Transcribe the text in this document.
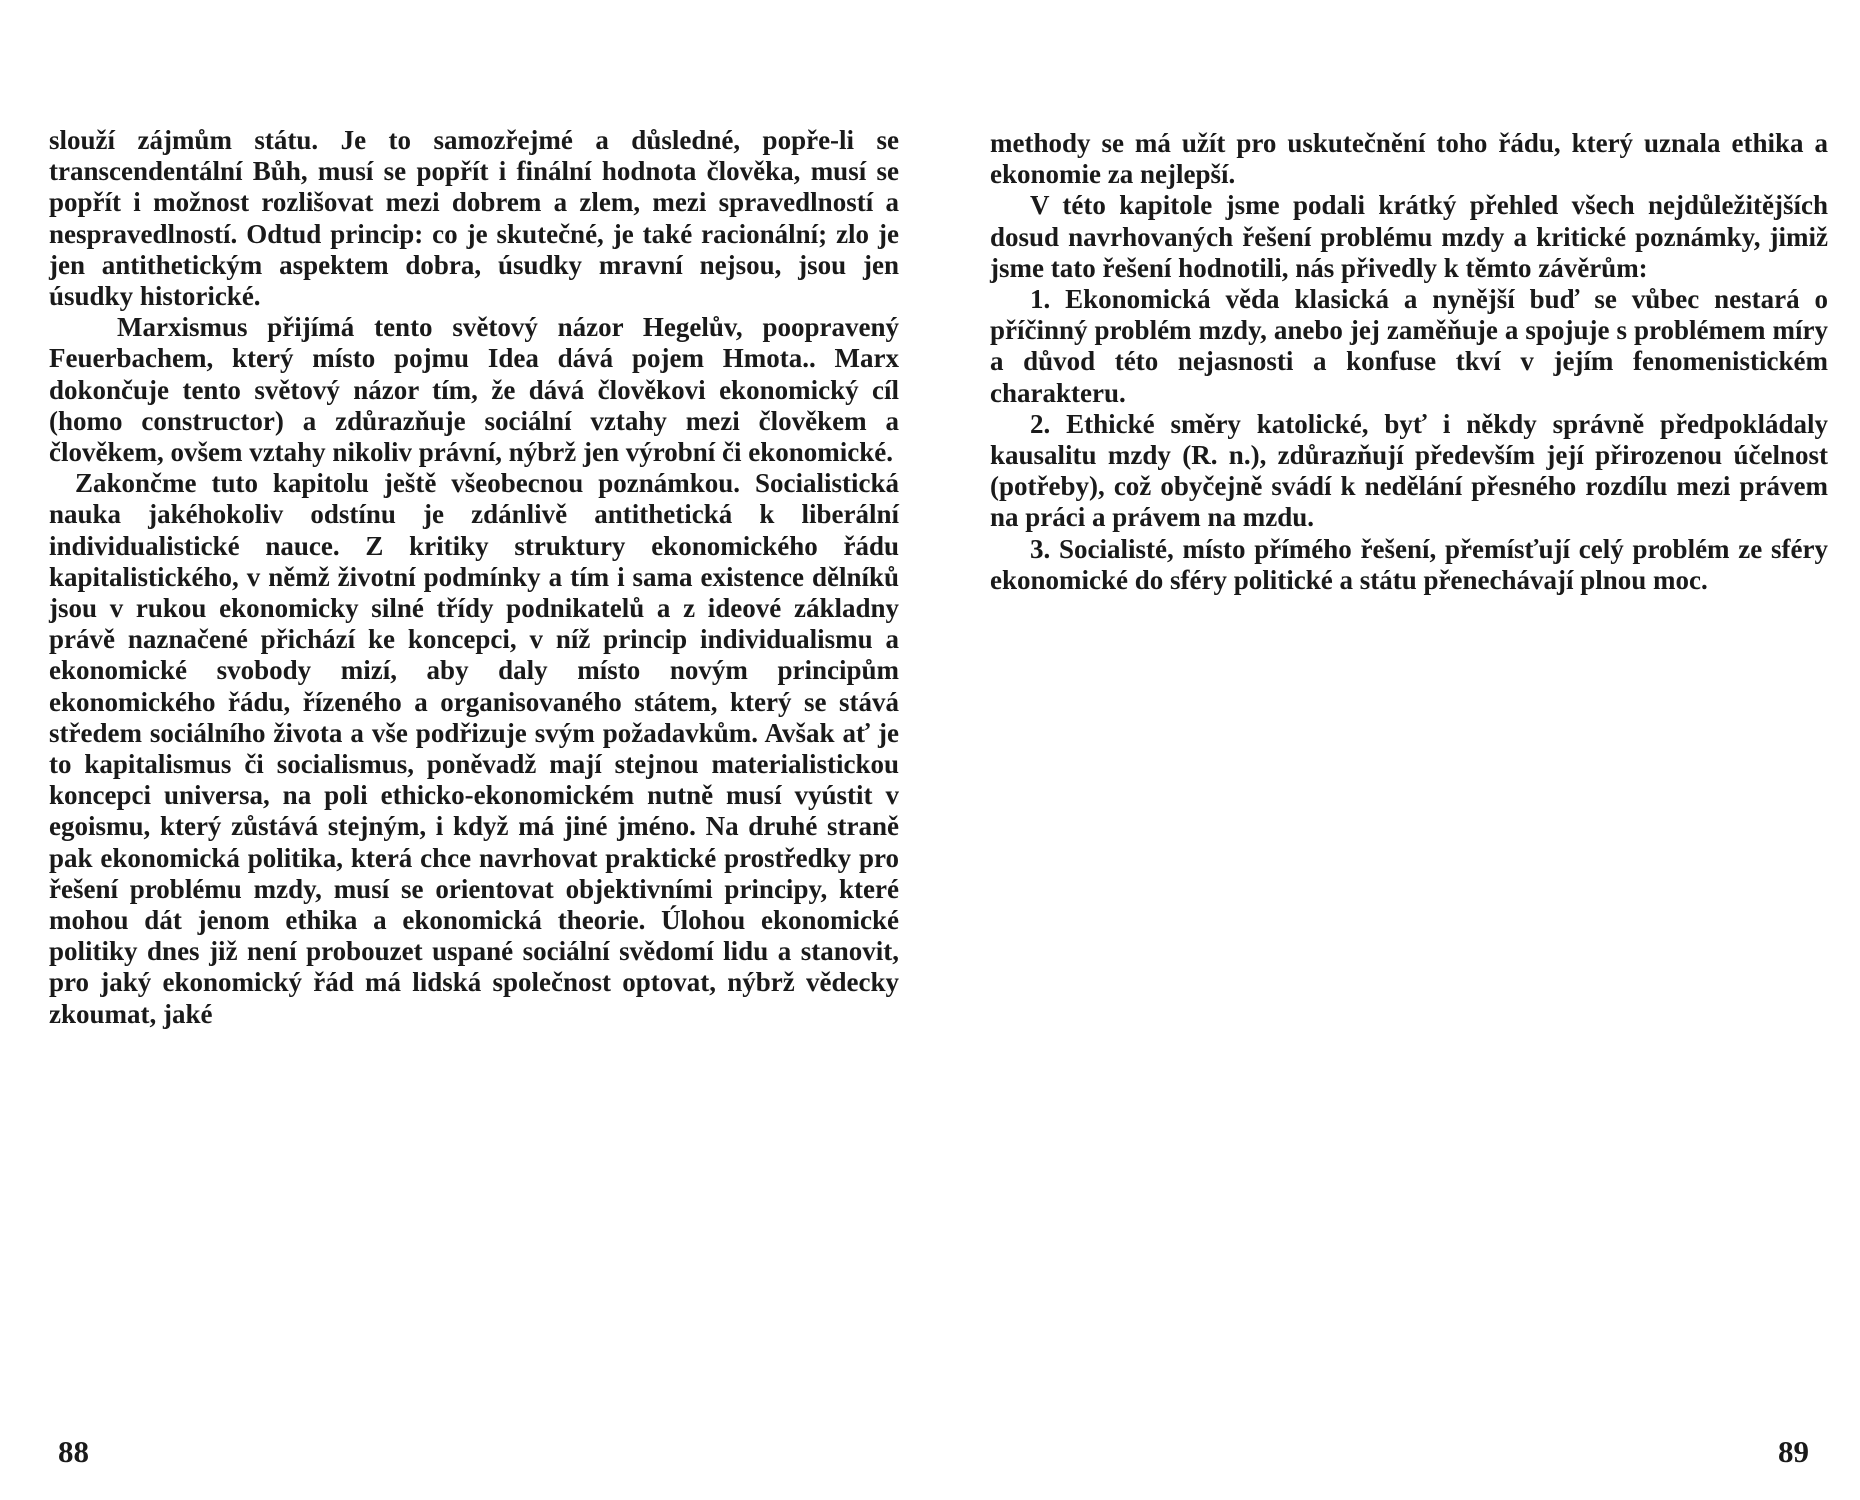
slouží zájmům státu. Je to samozřejmé a důsledné, popře-li se transcendentální Bůh, musí se popřít i finální hodnota člověka, musí se popřít i možnost rozlišovat mezi dobrem a zlem, mezi spravedlností a nespravedlností. Odtud princip: co je skutečné, je také racionální; zlo je jen antithetickým aspektem dobra, úsudky mravní nejsou, jsou jen úsudky historické.

Marxismus přijímá tento světový názor Hegelův, poopravený Feuerbachem, který místo pojmu Idea dává pojem Hmota.. Marx dokončuje tento světový názor tím, že dává člověkovi ekonomický cíl (homo constructor) a zdůrazňuje sociální vztahy mezi člověkem a člověkem, ovšem vztahy nikoliv právní, nýbrž jen výrobní či ekonomické.

Zakončme tuto kapitolu ještě všeobecnou poznámkou. Socialistická nauka jakéhokoliv odstínu je zdánlivě antithetická k liberální individualistické nauce. Z kritiky struktury ekonomického řádu kapitalistického, v němž životní podmínky a tím i sama existence dělníků jsou v rukou ekonomicky silné třídy podnikatelů a z ideové základny právě naznačené přichází ke koncepci, v níž princip individualismu a ekonomické svobody mizí, aby daly místo novým principům ekonomického řádu, řízeného a organisovaného státem, který se stává středem sociálního života a vše podřizuje svým požadavkům. Avšak ať je to kapitalismus či socialismus, poněvadž mají stejnou materialistickou koncepci universa, na poli ethicko-ekonomickém nutně musí vyústit v egoismu, který zůstává stejným, i když má jiné jméno. Na druhé straně pak ekonomická politika, která chce navrhovat praktické prostředky pro řešení problému mzdy, musí se orientovat objektivními principy, které mohou dát jenom ethika a ekonomická theorie. Úlohou ekonomické politiky dnes již není probouzet uspané sociální svědomí lidu a stanovit, pro jaký ekonomický řád má lidská společnost optovat, nýbrž vědecky zkoumat, jaké

88

methody se má užít pro uskutečnění toho řádu, který uznala ethika a ekonomie za nejlepší.

V této kapitole jsme podali krátký přehled všech nejdůležitějších dosud navrhovaných řešení problému mzdy a kritické poznámky, jimiž jsme tato řešení hodnotili, nás přivedly k těmto závěrům:

1. Ekonomická věda klasická a nynější buď se vůbec nestará o příčinný problém mzdy, anebo jej zaměňuje a spojuje s problémem míry a důvod této nejasnosti a konfuse tkví v jejím fenomenistickém charakteru.

2. Ethické směry katolické, byť i někdy správně předpokládaly kausalitu mzdy (R. n.), zdůrazňují především její přirozenou účelnost (potřeby), což obyčejně svádí k nedělání přesného rozdílu mezi právem na práci a právem na mzdu.

3. Socialisté, místo přímého řešení, přemísťují celý problém ze sféry ekonomické do sféry politické a státu přenechávají plnou moc.

89
